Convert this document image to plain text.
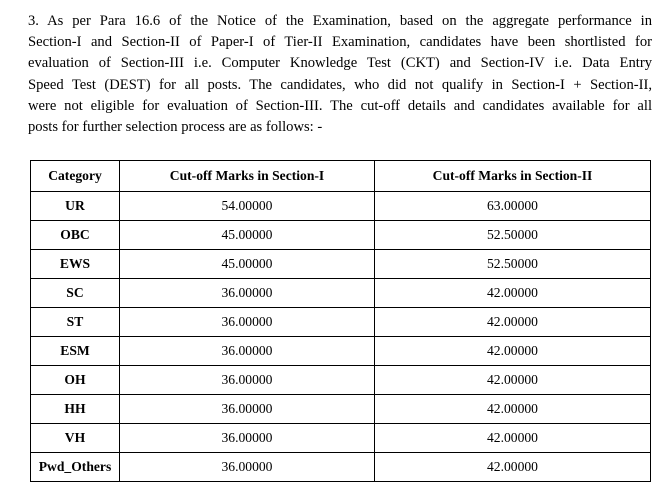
3. As per Para 16.6 of the Notice of the Examination, based on the aggregate performance in
Section-I and Section-II of Paper-I of Tier-II Examination, candidates have been shortlisted for
evaluation of Section-III i.e. Computer Knowledge Test (CKT) and Section-IV i.e. Data Entry
Speed Test (DEST) for all posts. The candidates, who did not qualify in Section-I + Section-II,
were not eligible for evaluation of Section-III. The cut-off details and candidates available for all
posts for further selection process are as follows: -

Category	Cut-off Marks in Section-I	Cut-off Marks in Section-II
UR	54.00000	63.00000
OBC	45.00000	52.50000
EWS	45.00000	52.50000
SC	36.00000	42.00000
ST	36.00000	42.00000
ESM	36.00000	42.00000
OH	36.00000	42.00000
HH	36.00000	42.00000
VH	36.00000	42.00000
Pwd_Others	36.00000	42.00000
